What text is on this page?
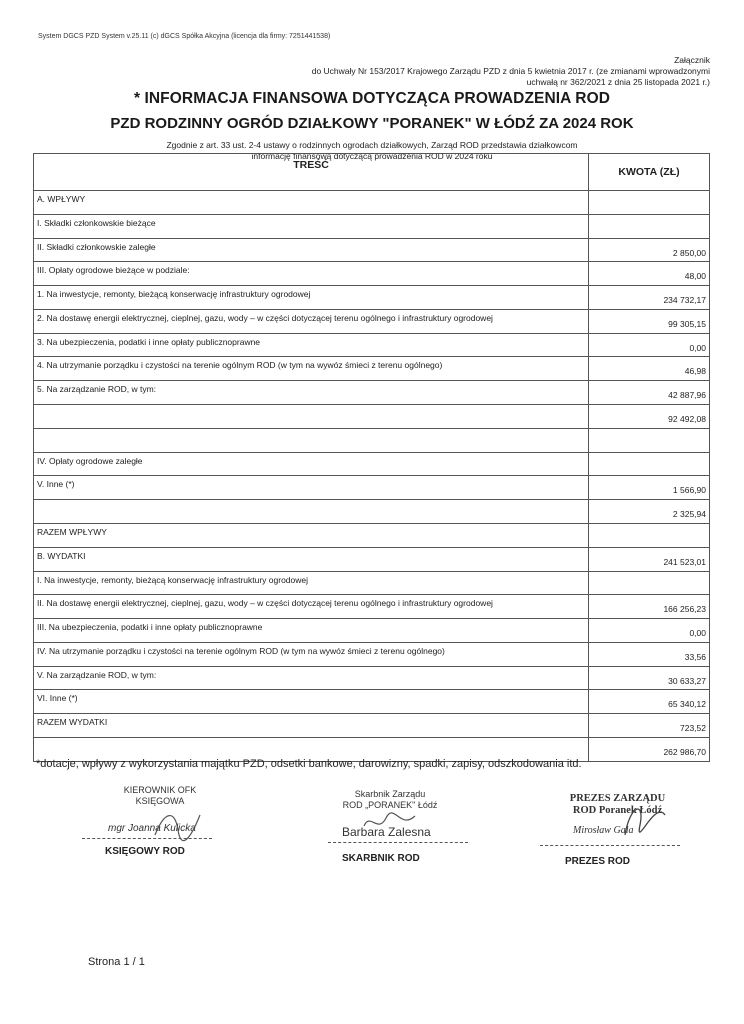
System DGCS PZD System v.25.11 (c) dGCS Spółka Akcyjna (licencja dla firmy: 7251441538)
Załącznik
do Uchwały Nr 153/2017 Krajowego Zarządu PZD z dnia 5 kwietnia 2017 r. (ze zmianami wprowadzonymi
uchwałą nr 362/2021 z dnia 25 listopada 2021 r.)
* INFORMACJA FINANSOWA DOTYCZĄCA PROWADZENIA ROD
PZD RODZINNY OGRÓD DZIAŁKOWY "PORANEK" W ŁÓDŹ ZA 2024 ROK
Zgodnie z art. 33 ust. 2-4 ustawy o rodzinnych ogrodach działkowych, Zarząd ROD przedstawia działkowcom
informację finansową dotyczącą prowadzenia ROD w 2024 roku
TREŚĆ	KWOTA (ZŁ)
A. WPŁYWY	
I. Składki członkowskie bieżące	
II. Składki członkowskie zaległe	2 850,00
III. Opłaty ogrodowe bieżące w podziale:	48,00
1. Na inwestycje, remonty, bieżącą konserwację infrastruktury ogrodowej	234 732,17
2. Na dostawę energii elektrycznej, cieplnej, gazu, wody – w części dotyczącej terenu ogólnego i infrastruktury ogrodowej	99 305,15
3. Na ubezpieczenia, podatki i inne opłaty publicznoprawne	0,00
4. Na utrzymanie porządku i czystości na terenie ogólnym ROD (w tym na wywóz śmieci z terenu ogólnego)	46,98
5. Na zarządzanie ROD, w tym:	42 887,96
	92 492,08

IV. Opłaty ogrodowe zaległe	
V. Inne (*)	1 566,90
	2 325,94
RAZEM WPŁYWY	
B. WYDATKI	241 523,01
I. Na inwestycje, remonty, bieżącą konserwację infrastruktury ogrodowej	
II. Na dostawę energii elektrycznej, cieplnej, gazu, wody – w części dotyczącej terenu ogólnego i infrastruktury ogrodowej	166 256,23
III. Na ubezpieczenia, podatki i inne opłaty publicznoprawne	0,00
IV. Na utrzymanie porządku i czystości na terenie ogólnym ROD (w tym na wywóz śmieci z terenu ogólnego)	33,56
V. Na zarządzanie ROD, w tym:	30 633,27
VI. Inne (*)	65 340,12
RAZEM WYDATKI	723,52
	262 986,70
*dotacje, wpływy z wykorzystania majątku PZD, odsetki bankowe, darowizny, spadki, zapisy, odszkodowania itd.
KIEROWNIK OFK
KSIĘGOWA
mgr Joanna Kulicka
KSIĘGOWY ROD
Skarbnik Zarządu
ROD „PORANEK" Łódź
Barbara Zalesna
SKARBNIK ROD
PREZES ZARZĄDU
ROD Poranek Łódź
Mirosław Gala
PREZES ROD
Strona 1 / 1
